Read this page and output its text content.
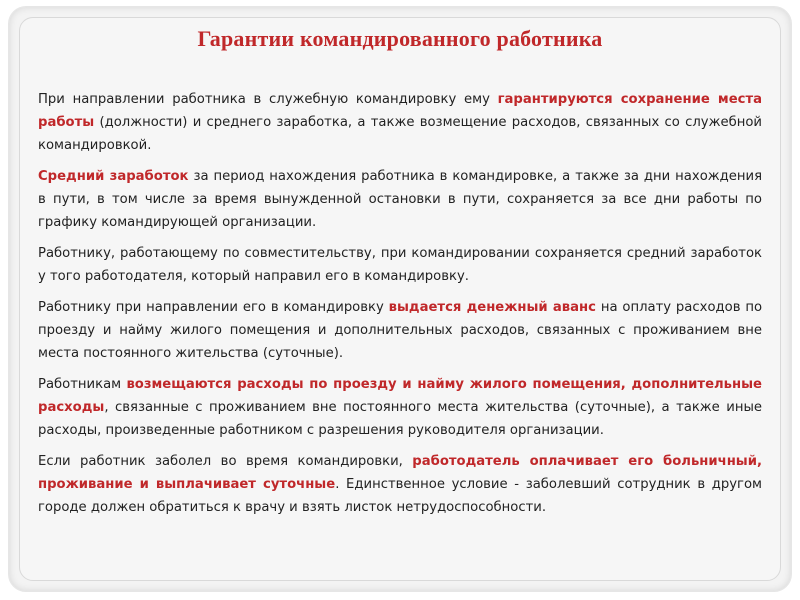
Гарантии командированного работника

При направлении работника в служебную командировку ему гарантируются сохранение места работы (должности) и среднего заработка, а также возмещение расходов, связанных со служебной командировкой.

Средний заработок за период нахождения работника в командировке, а также за дни нахождения в пути, в том числе за время вынужденной остановки в пути, сохраняется за все дни работы по графику командирующей организации.

Работнику, работающему по совместительству, при командировании сохраняется средний заработок у того работодателя, который направил его в командировку.

Работнику при направлении его в командировку выдается денежный аванс на оплату расходов по проезду и найму жилого помещения и дополнительных расходов, связанных с проживанием вне места постоянного жительства (суточные).

Работникам возмещаются расходы по проезду и найму жилого помещения, дополнительные расходы, связанные с проживанием вне постоянного места жительства (суточные), а также иные расходы, произведенные работником с разрешения руководителя организации.

Если работник заболел во время командировки, работодатель оплачивает его больничный, проживание и выплачивает суточные. Единственное условие - заболевший сотрудник в другом городе должен обратиться к врачу и взять листок нетрудоспособности.
